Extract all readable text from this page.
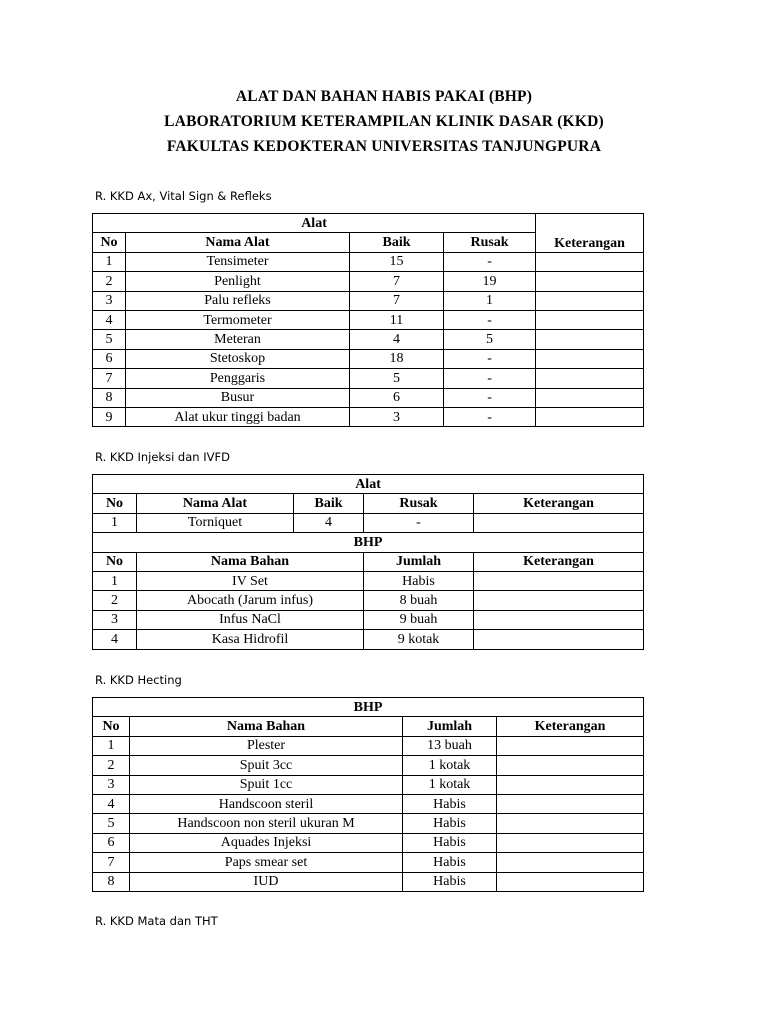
ALAT DAN BAHAN HABIS PAKAI (BHP)
LABORATORIUM KETERAMPILAN KLINIK DASAR (KKD)
FAKULTAS KEDOKTERAN UNIVERSITAS TANJUNGPURA
R. KKD Ax, Vital Sign & Refleks
Alat				Keterangan
No	Nama Alat	Baik	Rusak	
1	Tensimeter	15	-	
2	Penlight	7	19	
3	Palu refleks	7	1	
4	Termometer	11	-	
5	Meteran	4	5	
6	Stetoskop	18	-	
7	Penggaris	5	-	
8	Busur	6	-	
9	Alat ukur tinggi badan	3	-	
R. KKD Injeksi dan IVFD
Alat				
No	Nama Alat	Baik	Rusak	Keterangan
1	Torniquet	4	-	
BHP				
No	Nama Bahan		Jumlah	Keterangan
1	IV Set		Habis	
2	Abocath (Jarum infus)		8 buah	
3	Infus NaCl		9 buah	
4	Kasa Hidrofil		9 kotak	
R. KKD Hecting
BHP			
No	Nama Bahan	Jumlah	Keterangan
1	Plester	13 buah	
2	Spuit 3cc	1 kotak	
3	Spuit 1cc	1 kotak	
4	Handscoon steril	Habis	
5	Handscoon non steril ukuran M	Habis	
6	Aquades Injeksi	Habis	
7	Paps smear set	Habis	
8	IUD	Habis	
R. KKD Mata dan THT
